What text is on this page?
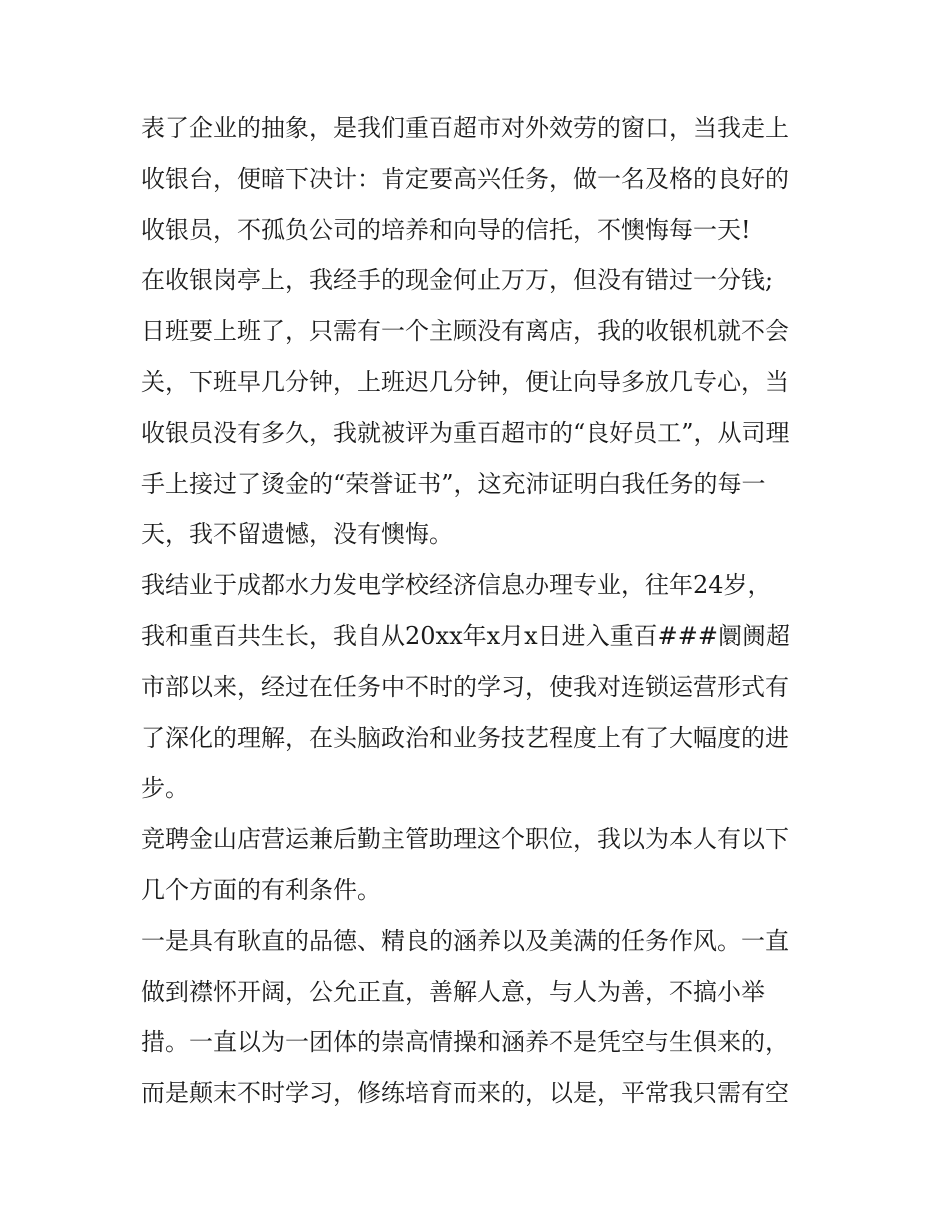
表了企业的抽象，是我们重百超市对外效劳的窗口，当我走上
收银台，便暗下决计：肯定要高兴任务，做一名及格的良好的
收银员，不孤负公司的培养和向导的信托，不懊悔每一天!
在收银岗亭上，我经手的现金何止万万，但没有错过一分钱;
日班要上班了，只需有一个主顾没有离店，我的收银机就不会
关，下班早几分钟，上班迟几分钟，便让向导多放几专心，当
收银员没有多久，我就被评为重百超市的“良好员工”，从司理
手上接过了烫金的“荣誉证书”，这充沛证明白我任务的每一
天，我不留遗憾，没有懊悔。
我结业于成都水力发电学校经济信息办理专业，往年24岁，
我和重百共生长，我自从20xx年x月x日进入重百###阛阓超
市部以来，经过在任务中不时的学习，使我对连锁运营形式有
了深化的理解，在头脑政治和业务技艺程度上有了大幅度的进
步。
竞聘金山店营运兼后勤主管助理这个职位，我以为本人有以下
几个方面的有利条件。
一是具有耿直的品德、精良的涵养以及美满的任务作风。一直
做到襟怀开阔，公允正直，善解人意，与人为善，不搞小举
措。一直以为一团体的崇高情操和涵养不是凭空与生俱来的，
而是颠末不时学习，修练培育而来的，以是，平常我只需有空
